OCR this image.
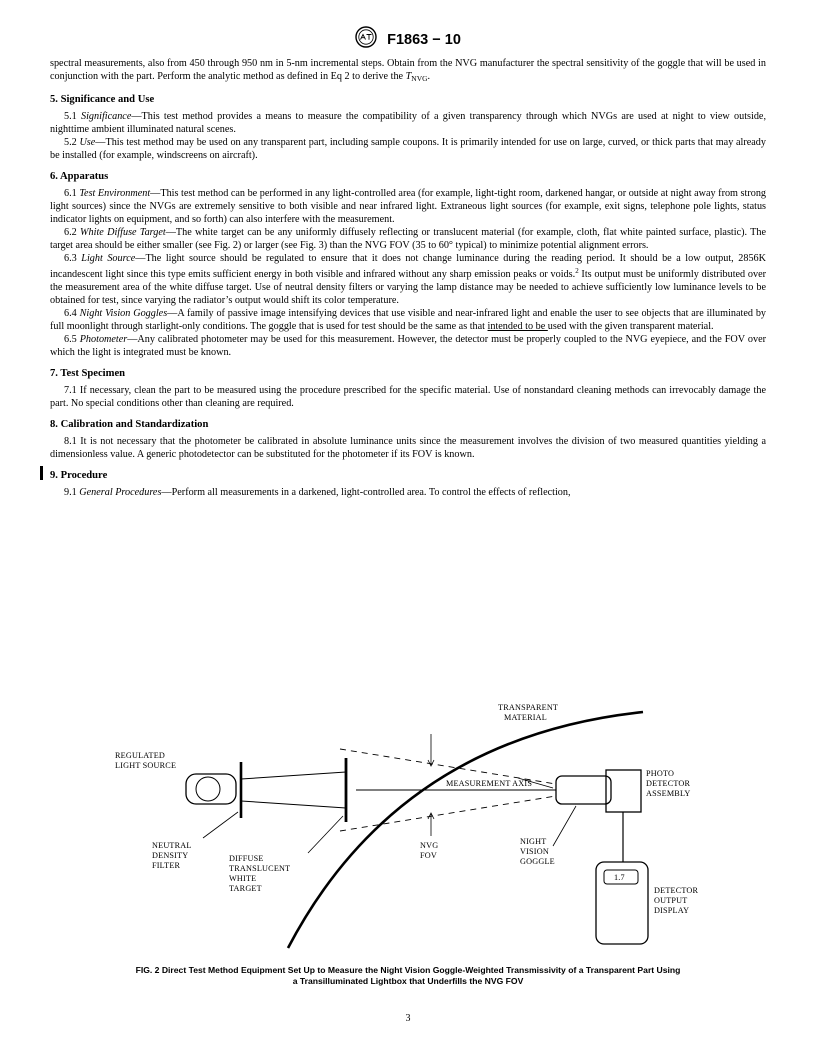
F1863 − 10

spectral measurements, also from 450 through 950 nm in 5-nm incremental steps. Obtain from the NVG manufacturer the spectral sensitivity of the goggle that will be used in conjunction with the part. Perform the analytic method as defined in Eq 2 to derive the $T_{NVG}$.

5. Significance and Use

5.1 Significance—This test method provides a means to measure the compatibility of a given transparency through which NVGs are used at night to view outside, nighttime ambient illuminated natural scenes.

5.2 Use—This test method may be used on any transparent part, including sample coupons. It is primarily intended for use on large, curved, or thick parts that may already be installed (for example, windscreens on aircraft).

6. Apparatus

6.1 Test Environment—This test method can be performed in any light-controlled area (for example, light-tight room, darkened hangar, or outside at night away from strong light sources) since the NVGs are extremely sensitive to both visible and near infrared light. Extraneous light sources (for example, exit signs, telephone pole lights, status indicator lights on equipment, and so forth) can also interfere with the measurement.

6.2 White Diffuse Target—The white target can be any uniformly diffusely reflecting or translucent material (for example, cloth, flat white painted surface, plastic). The target area should be either smaller (see Fig. 2) or larger (see Fig. 3) than the NVG FOV (35 to 60° typical) to minimize potential alignment errors.

6.3 Light Source—The light source should be regulated to ensure that it does not change luminance during the reading period. It should be a low output, 2856K incandescent light since this type emits sufficient energy in both visible and infrared without any sharp emission peaks or voids.$^2$ Its output must be uniformly distributed over the measurement area of the white diffuse target. Use of neutral density filters or varying the lamp distance may be needed to achieve sufficiently low luminance levels to be obtained for test, since varying the radiator’s output would shift its color temperature.

6.4 Night Vision Goggles—A family of passive image intensifying devices that use visible and near-infrared light and enable the user to see objects that are illuminated by full moonlight through starlight-only conditions. The goggle that is used for test should be the same as that intended to be used with the given transparent material.

6.5 Photometer—Any calibrated photometer may be used for this measurement. However, the detector must be properly coupled to the NVG eyepiece, and the FOV over which the light is integrated must be known.

7. Test Specimen

7.1 If necessary, clean the part to be measured using the procedure prescribed for the specific material. Use of nonstandard cleaning methods can irrevocably damage the part. No special conditions other than cleaning are required.

8. Calibration and Standardization

8.1 It is not necessary that the photometer be calibrated in absolute luminance units since the measurement involves the division of two measured quantities yielding a dimensionless value. A generic photodetector can be substituted for the photometer if its FOV is known.

9. Procedure

9.1 General Procedures—Perform all measurements in a darkened, light-controlled area. To control the effects of reflection,

1.7
TRANSPARENT
MATERIAL
REGULATED
LIGHT SOURCE
PHOTO
DETECTOR
ASSEMBLY
MEASUREMENT AXIS
NEUTRAL
DENSITY
FILTER
DIFFUSE
TRANSLUCENT
WHITE
TARGET
NVG
FOV
NIGHT
VISION
GOGGLE
DETECTOR
OUTPUT
DISPLAY
FIG. 2 Direct Test Method Equipment Set Up to Measure the Night Vision Goggle-Weighted Transmissivity of a Transparent Part Using
a Transilluminated Lightbox that Underfills the NVG FOV
3
